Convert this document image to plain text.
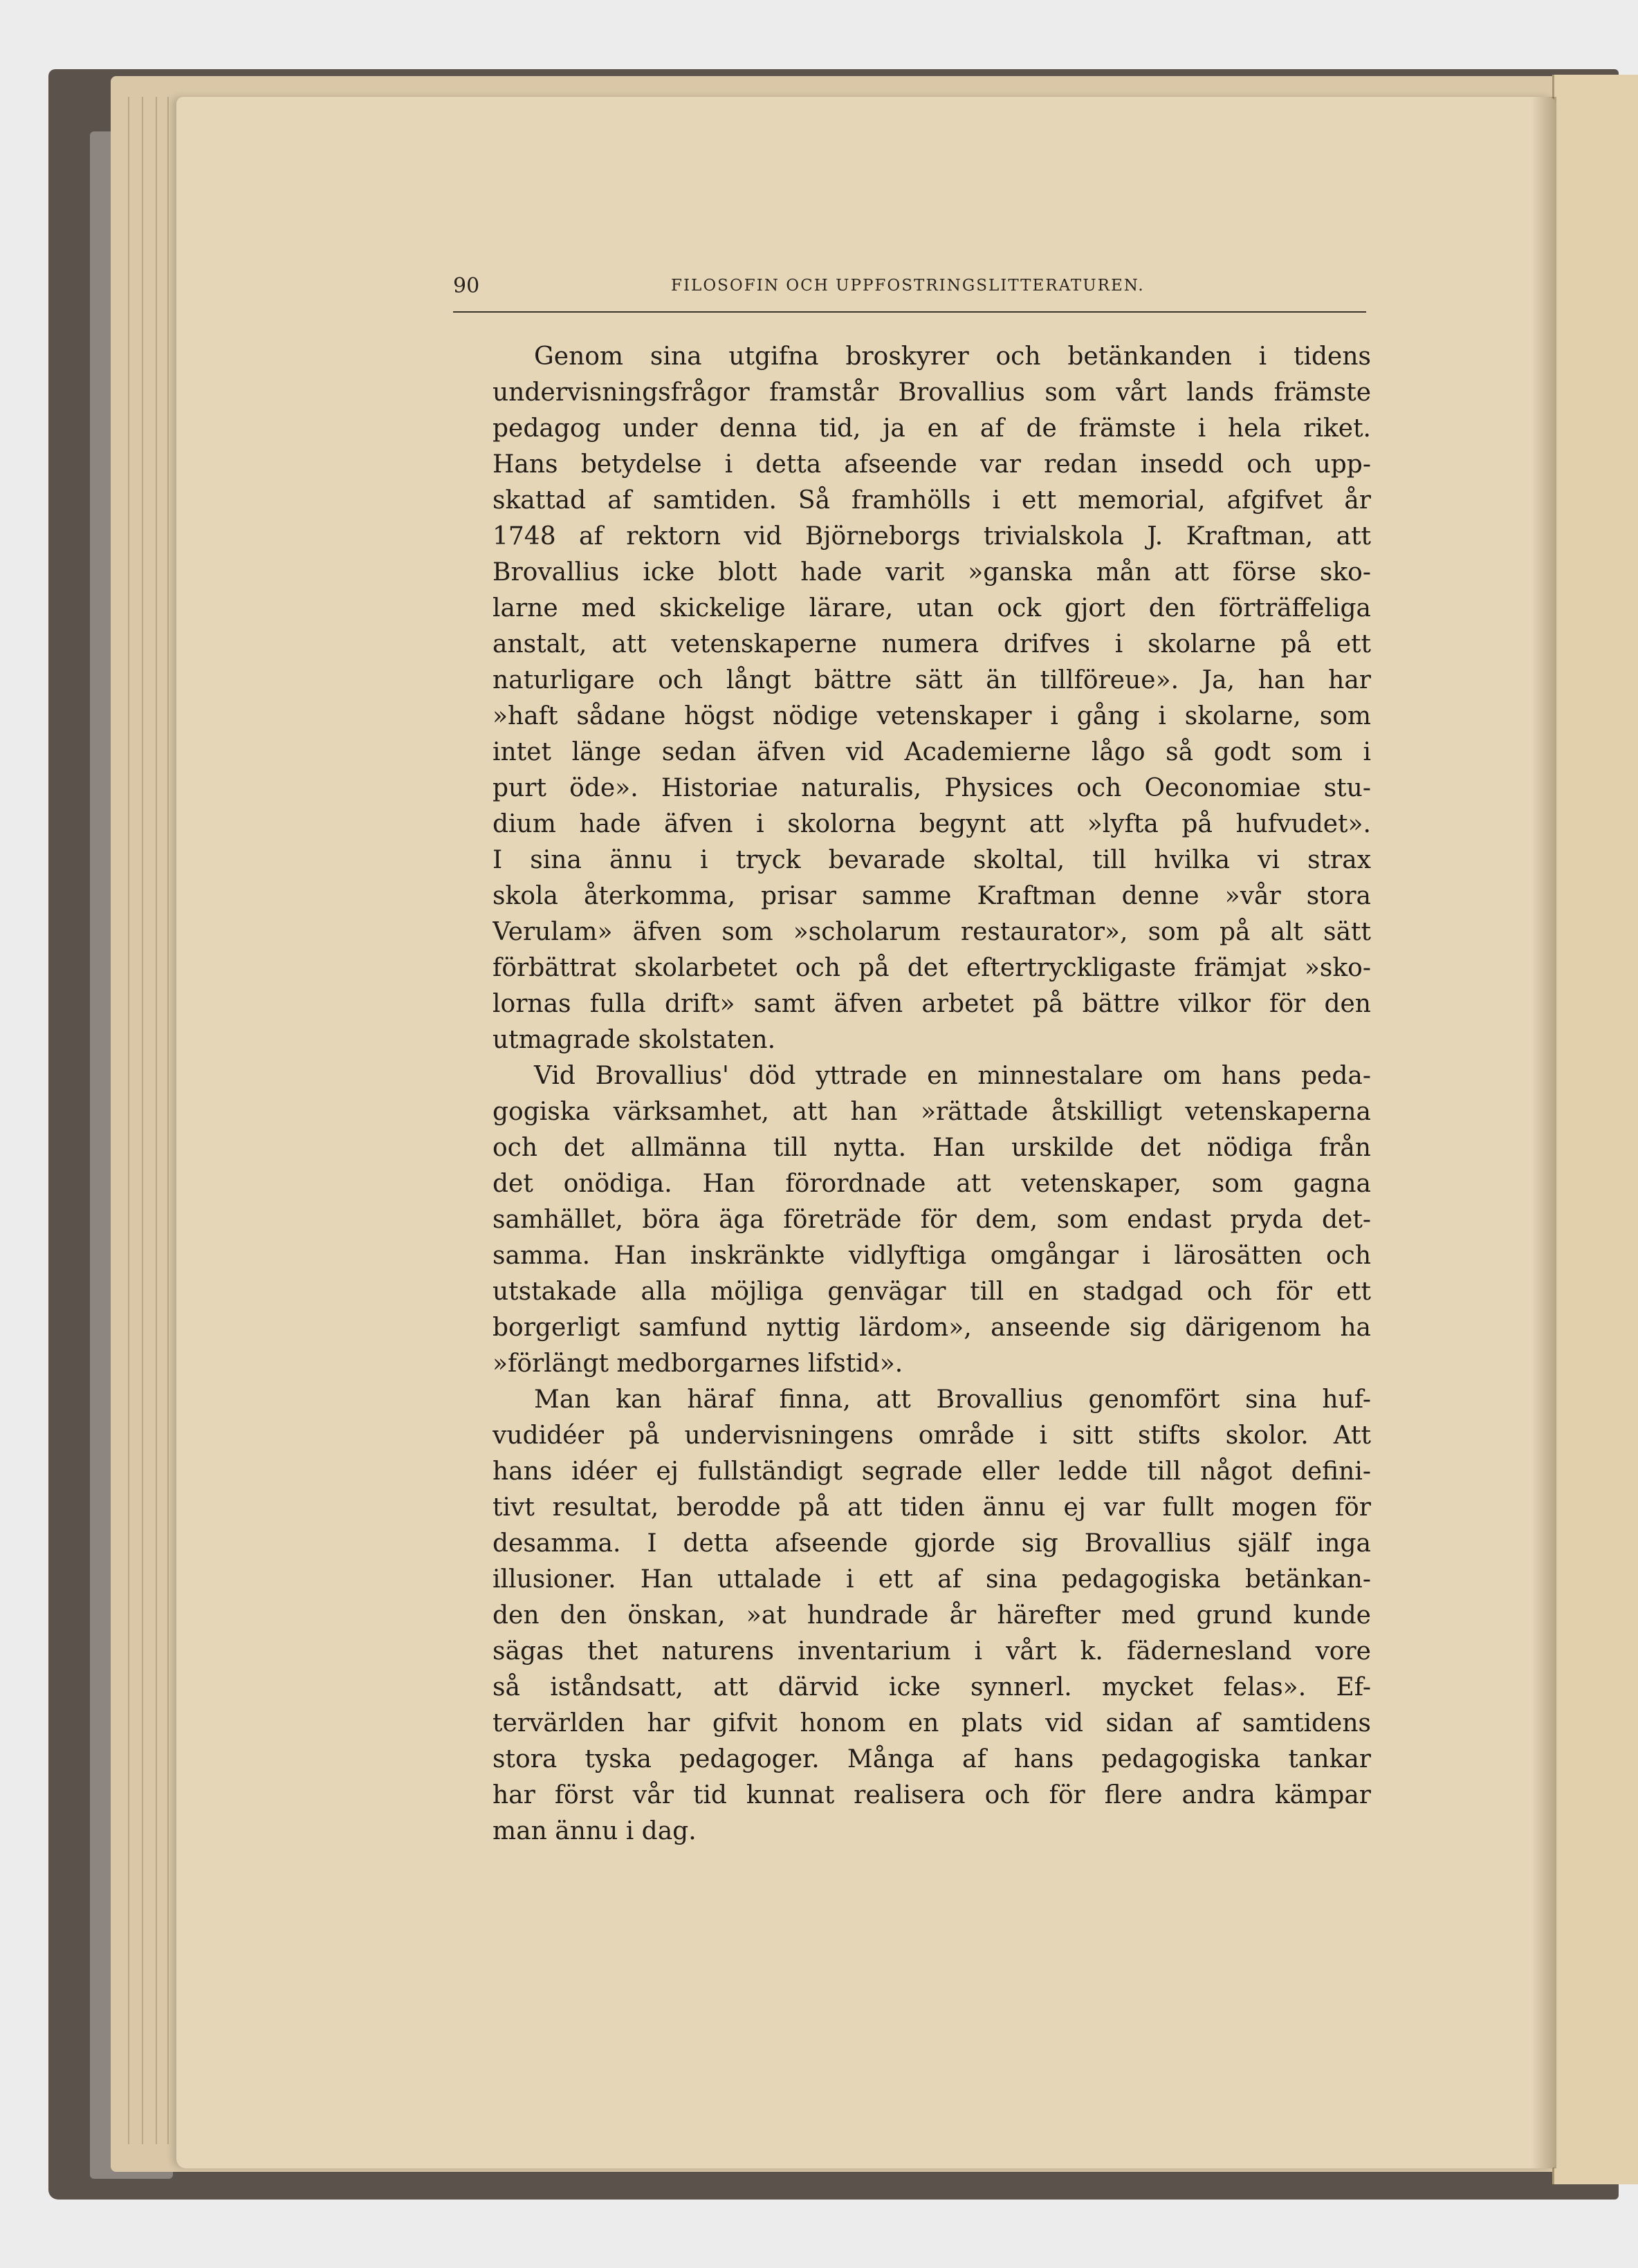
90	FILOSOFIN OCH UPPFOSTRINGSLITTERATUREN.
Genom sina utgifna broskyrer och betänkanden i tidens
undervisningsfrågor framstår Brovallius som vårt lands främste
pedagog under denna tid, ja en af de främste i hela riket.
Hans betydelse i detta afseende var redan insedd och upp-
skattad af samtiden. Så framhölls i ett memorial, afgifvet år
1748 af rektorn vid Björneborgs trivialskola J. Kraftman, att
Brovallius icke blott hade varit »ganska mån att förse sko-
larne med skickelige lärare, utan ock gjort den förträffeliga
anstalt, att vetenskaperne numera drifves i skolarne på ett
naturligare och långt bättre sätt än tillföreue». Ja, han har
»haft sådane högst nödige vetenskaper i gång i skolarne, som
intet länge sedan äfven vid Academierne lågo så godt som i
purt öde». Historiae naturalis, Physices och Oeconomiae stu-
dium hade äfven i skolorna begynt att »lyfta på hufvudet».
I sina ännu i tryck bevarade skoltal, till hvilka vi strax
skola återkomma, prisar samme Kraftman denne »vår stora
Verulam» äfven som »scholarum restaurator», som på alt sätt
förbättrat skolarbetet och på det eftertryckligaste främjat »sko-
lornas fulla drift» samt äfven arbetet på bättre vilkor för den
utmagrade skolstaten.
Vid Brovallius' död yttrade en minnestalare om hans peda-
gogiska värksamhet, att han »rättade åtskilligt vetenskaperna
och det allmänna till nytta. Han urskilde det nödiga från
det onödiga. Han förordnade att vetenskaper, som gagna
samhället, böra äga företräde för dem, som endast pryda det-
samma. Han inskränkte vidlyftiga omgångar i lärosätten och
utstakade alla möjliga genvägar till en stadgad och för ett
borgerligt samfund nyttig lärdom», anseende sig därigenom ha
»förlängt medborgarnes lifstid».
Man kan häraf finna, att Brovallius genomfört sina huf-
vudidéer på undervisningens område i sitt stifts skolor. Att
hans idéer ej fullständigt segrade eller ledde till något defini-
tivt resultat, berodde på att tiden ännu ej var fullt mogen för
desamma. I detta afseende gjorde sig Brovallius själf inga
illusioner. Han uttalade i ett af sina pedagogiska betänkan-
den den önskan, »at hundrade år härefter med grund kunde
sägas thet naturens inventarium i vårt k. fädernesland vore
så iståndsatt, att därvid icke synnerl. mycket felas». Ef-
tervärlden har gifvit honom en plats vid sidan af samtidens
stora tyska pedagoger. Många af hans pedagogiska tankar
har först vår tid kunnat realisera och för flere andra kämpar
man ännu i dag.
